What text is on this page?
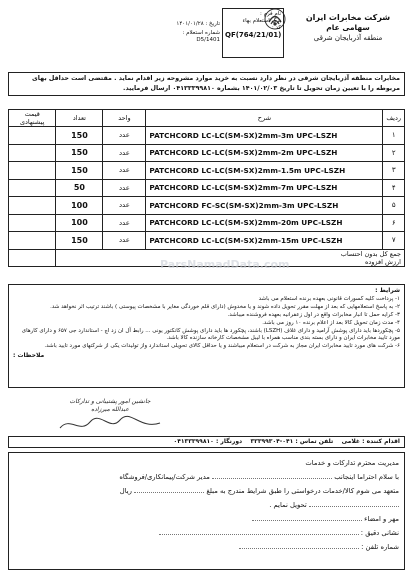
شرکت مخابرات ایران
سهامی عام
منطقه آذربایجان شرقی
نام فرم :
برگ استعلام بهاء
کد :
QF(764/21/01)
تاریخ : ۱۴۰۱/۰۱/۲۸
شماره استعلام : 1401/D5
مخابرات منطقه آذربایجان شرقی در نظر دارد نسبت به خرید موارد مشروحه زیر اقدام نماید . مقتضی است حداقل بهای مربوطه را با تعیین زمان تحویل تا تاریخ ۱۴۰۱/۰۲/۰۳ بشماره ۰۴۱۳۳۳۹۹۸۱۰ ارسال فرمایید.
ردیف	شرح	واحد	تعداد	قیمت پیشنهادی
۱	PATCHCORD LC-LC(SM-SX)2mm-3m UPC-LSZH	عدد	150	
۲	PATCHCORD LC-LC(SM-SX)2mm-2m UPC-LSZH	عدد	150	
۳	PATCHCORD LC-LC(SM-SX)2mm-1.5m UPC-LSZH	عدد	150	
۴	PATCHCORD LC-LC(SM-SX)2mm-7m UPC-LSZH	عدد	50	
۵	PATCHCORD FC-SC(SM-SX)2mm-3m UPC-LSZH	عدد	100	
۶	PATCHCORD LC-LC(SM-SX)2mm-20m UPC-LSZH	عدد	100	
۷	PATCHCORD LC-LC(SM-SX)2mm-15m UPC-LSZH	عدد	150	

جمع کل بدون احتساب
ارزش افزوده				

شرایط :
۱- پرداخت کلیه کسورات قانونی بعهده برنده استعلام می باشد
۲- به پاسخ استعلامهایی که بعد از مهلت مقرر تحویل داده شوند و یا مخدوش (دارای قلم خوردگی مغایر با مشخصات پیوستی ) باشند ترتیب اثر نخواهد شد.
۳- کرایه حمل تا انبار مخابرات واقع در اول زعفرانیه بعهده فروشنده میباشد.
۴- مدت زمان تحویل کالا بعد از اعلام برنده ۱۰ روز می باشد.
۵- پچکوردها باید دارای پوشش آرامید و دارای غلاف (LSZH) باشند، پچکورد ها باید دارای پوشش کانکتور یونی ... رابط آل ان زد اچ - استاندارد جی ۶۵۷ و دارای کارهای مورد تایید مخابرات ایران و دارای بسته بندی مناسب همراه با لیبل مشخصات کارخانه سازنده کالا باشد.
۶- شرکت های مورد تایید مخابرات ایران مجاز به شرکت در استعلام میباشند و یا حداقل کالای تحویلی استاندارد واز تولیدات یکی از شرکتهای مورد تایید باشد.
ملاحظات :
ParsNamadData.com
جانشین امور پشتیبانی و تدارکات
عبدالله میرزاده
اقدام کننده : غلامی    تلفن تماس : ۰۴۱-۳۳۳۹۹۳۰۴    دورنگار : ۰۴۱۳۳۳۹۹۸۱۰
مدیریت محترم تدارکات و خدمات
با سلام احتراما اینجانب  مدیر شرکت/پیمانکاری/فروشگاه
متعهد می شوم کالا/خدمات درخواستی را طبق شرایط مندرج به مبلغ  ریال
تحویل نمایم .
مهر و امضاء
نشانی دقیق :
شماره تلفن :
